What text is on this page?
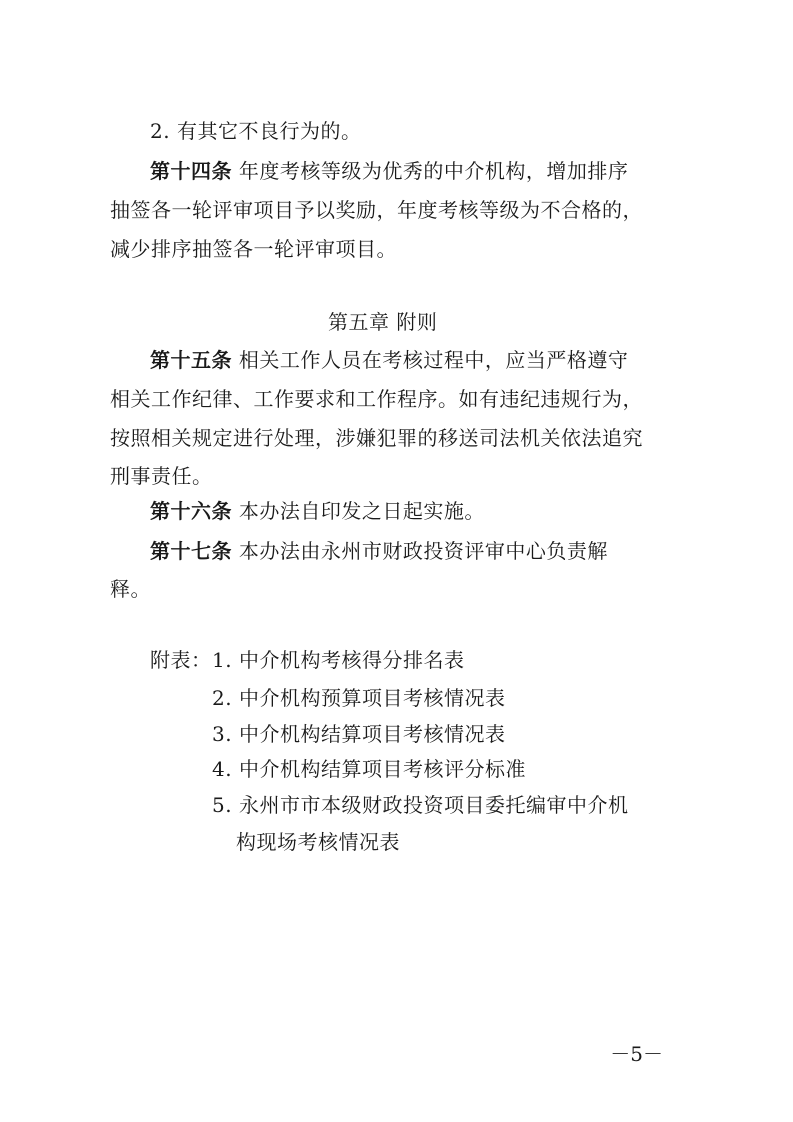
2. 有其它不良行为的。
第十四条 年度考核等级为优秀的中介机构，增加排序
抽签各一轮评审项目予以奖励，年度考核等级为不合格的，
减少排序抽签各一轮评审项目。
第五章 附则
第十五条 相关工作人员在考核过程中，应当严格遵守
相关工作纪律、工作要求和工作程序。如有违纪违规行为，
按照相关规定进行处理，涉嫌犯罪的移送司法机关依法追究
刑事责任。
第十六条 本办法自印发之日起实施。
第十七条 本办法由永州市财政投资评审中心负责解
释。
附表： 1. 中介机构考核得分排名表
2. 中介机构预算项目考核情况表
3. 中介机构结算项目考核情况表
4. 中介机构结算项目考核评分标准
5. 永州市市本级财政投资项目委托编审中介机
构现场考核情况表
－5－
